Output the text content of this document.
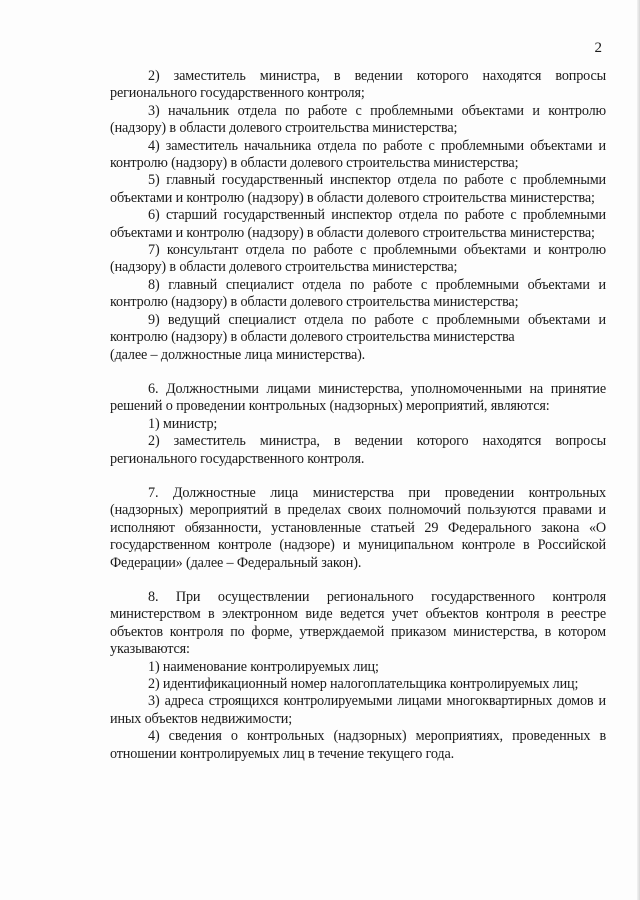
2

2) заместитель министра, в ведении которого находятся вопросы регионального государственного контроля;

3) начальник отдела по работе с проблемными объектами и контролю (надзору) в области долевого строительства министерства;

4) заместитель начальника отдела по работе с проблемными объектами и контролю (надзору) в области долевого строительства министерства;

5) главный государственный инспектор отдела по работе с проблемными объектами и контролю (надзору) в области долевого строительства министерства;

6) старший государственный инспектор отдела по работе с проблемными объектами и контролю (надзору) в области долевого строительства министерства;

7) консультант отдела по работе с проблемными объектами и контролю (надзору) в области долевого строительства министерства;

8) главный специалист отдела по работе с проблемными объектами и контролю (надзору) в области долевого строительства министерства;

9) ведущий специалист отдела по работе с проблемными объектами и контролю (надзору) в области долевого строительства министерства
(далее – должностные лица министерства).

6. Должностными лицами министерства, уполномоченными на принятие решений о проведении контрольных (надзорных) мероприятий, являются:

1) министр;

2) заместитель министра, в ведении которого находятся вопросы регионального государственного контроля.

7. Должностные лица министерства при проведении контрольных (надзорных) мероприятий в пределах своих полномочий пользуются правами и исполняют обязанности, установленные статьей 29 Федерального закона «О государственном контроле (надзоре) и муниципальном контроле в Российской Федерации» (далее – Федеральный закон).

8. При осуществлении регионального государственного контроля министерством в электронном виде ведется учет объектов контроля в реестре объектов контроля по форме, утверждаемой приказом министерства, в котором указываются:

1) наименование контролируемых лиц;

2) идентификационный номер налогоплательщика контролируемых лиц;

3) адреса строящихся контролируемыми лицами многоквартирных домов и иных объектов недвижимости;

4) сведения о контрольных (надзорных) мероприятиях, проведенных в отношении контролируемых лиц в течение текущего года.
